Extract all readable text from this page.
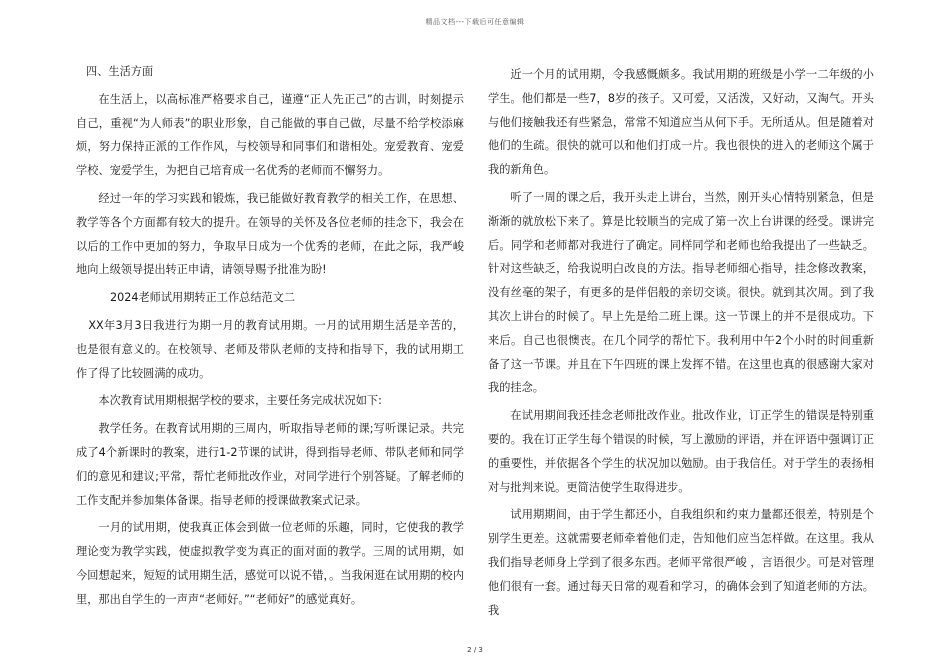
精品文档---下载后可任意编辑

四、生活方面

在生活上，以高标准严格要求自己，谨遵“正人先正己”的古训，时刻提示自己，重视“为人师表”的职业形象，自己能做的事自己做，尽量不给学校添麻烦，努力保持正派的工作作风，与校领导和同事们和谐相处。宠爱教育、宠爱学校、宠爱学生，为把自己培育成一名优秀的老师而不懈努力。

经过一年的学习实践和锻炼，我已能做好教育教学的相关工作，在思想、教学等各个方面都有较大的提升。在领导的关怀及各位老师的挂念下，我会在以后的工作中更加的努力，争取早日成为一个优秀的老师，在此之际，我严峻 地向上级领导提出转正申请，请领导赐予批准为盼!

2024老师试用期转正工作总结范文二

XX年3月3日我进行为期一月的教育试用期。一月的试用期生活是辛苦的，也是很有意义的。在校领导、老师及带队老师的支持和指导下，我的试用期工作了得了比较圆满的成功。

本次教育试用期根据学校的要求，主要任务完成状况如下:

教学任务。在教育试用期的三周内，听取指导老师的课;写听课记录。共完成了4个新课时的教案，进行1-2节课的试讲，得到指导老师、带队老师和同学们的意见和建议;平常，帮忙老师批改作业，对同学进行个别答疑。了解老师的工作支配并参加集体备课。指导老师的授课做教案式记录。

一月的试用期，使我真正体会到做一位老师的乐趣，同时，它使我的教学理论变为教学实践，使虚拟教学变为真正的面对面的教学。三周的试用期，如今回想起来，短短的试用期生活，感觉可以说不错，。当我闲逛在试用期的校内里，那出自学生的一声声“老师好。”“老师好”的感觉真好。

近一个月的试用期，令我感慨颇多。我试用期的班级是小学一二年级的小学生。他们都是一些7，8岁的孩子。又可爱，又活泼，又好动，又淘气。开头与他们接触我还有些紧急，常常不知道应当从何下手。无所适从。但是随着对他们的生疏。很快的就可以和他们打成一片。我也很快的进入的老师这个属于我的新角色。

听了一周的课之后，我开头走上讲台，当然，刚开头心情特别紧急，但是渐渐的就放松下来了。算是比较顺当的完成了第一次上台讲课的经受。课讲完后。同学和老师都对我进行了确定。同样同学和老师也给我提出了一些缺乏。针对这些缺乏，给我说明白改良的方法。指导老师细心指导，挂念修改教案，没有丝毫的架子，有更多的是伴侣般的亲切交谈。很快。就到其次周。到了我其次上讲台的时候了。早上先是给二班上课。这一节课上的并不是很成功。下来后。自己也很懊丧。在几个同学的帮忙下。我利用中午2个小时的时间重新备了这一节课。并且在下午四班的课上发挥不错。在这里也真的很感谢大家对我的挂念。

在试用期间我还挂念老师批改作业。批改作业，订正学生的错误是特别重要的。我在订正学生每个错误的时候，写上激励的评语，并在评语中强调订正的重要性，并依据各个学生的状况加以勉励。由于我信任。对于学生的表扬相对与批判来说。更简洁使学生取得进步。

试用期期间，由于学生都还小，自我组织和约束力量都还很差，特别是个别学生更差。这就需要老师牵着他们走，告知他们应当怎样做。在这里。我从我们指导老师身上学到了很多东西。老师平常很严峻 ，言语很少。可是对管理他们很有一套。通过每天日常的观看和学习，的确体会到了知道老师的方法。我

2 / 3
